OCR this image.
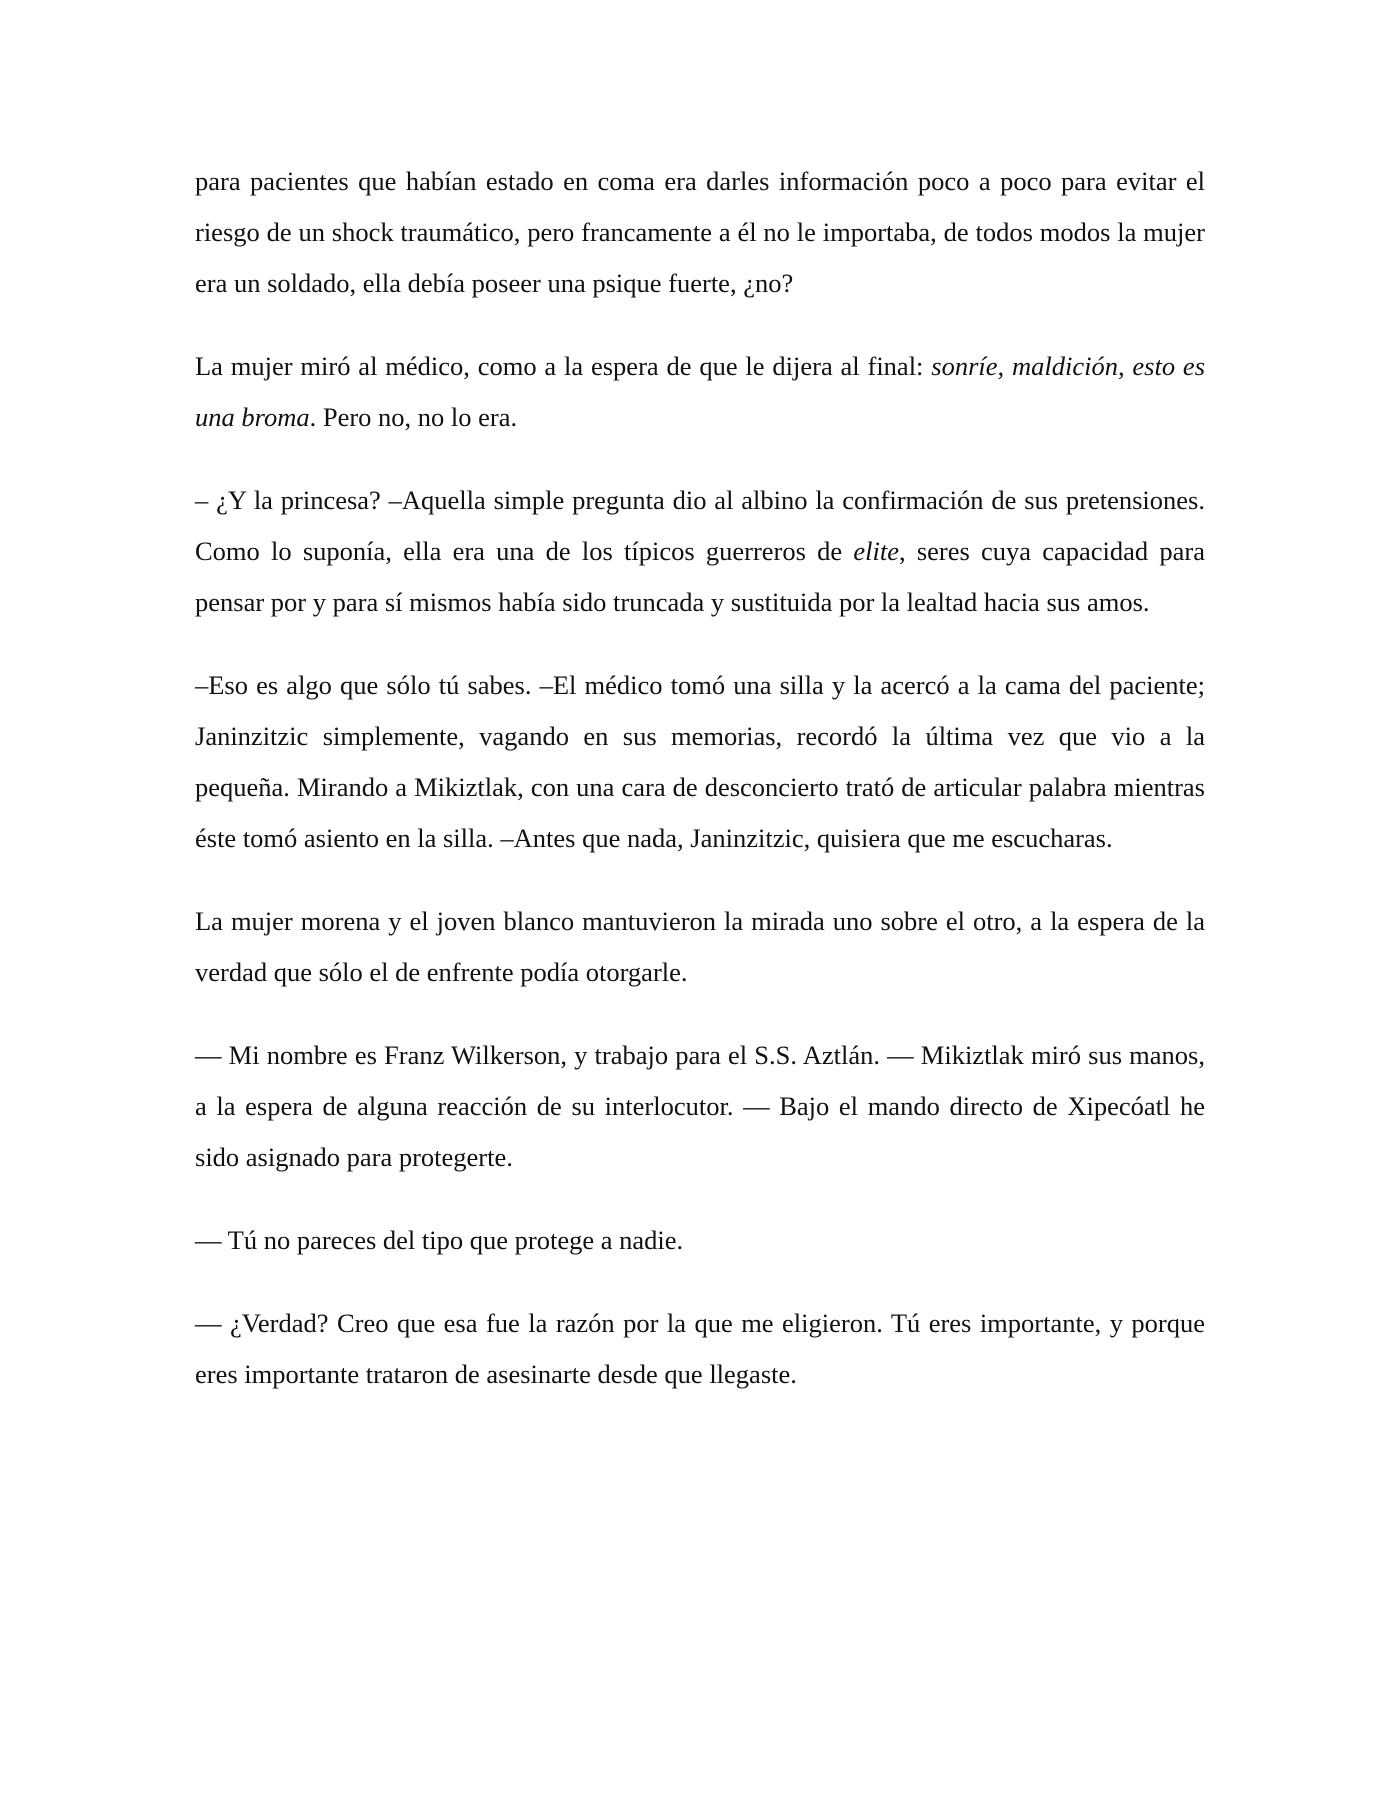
para pacientes que habían estado en coma era darles información poco a poco para evitar el riesgo de un shock traumático, pero francamente a él no le importaba, de todos modos la mujer era un soldado, ella debía poseer una psique fuerte, ¿no?

La mujer miró al médico, como a la espera de que le dijera al final: sonríe, maldición, esto es una broma. Pero no, no lo era.

– ¿Y la princesa? –Aquella simple pregunta dio al albino la confirmación de sus pretensiones. Como lo suponía, ella era una de los típicos guerreros de elite, seres cuya capacidad para pensar por y para sí mismos había sido truncada y sustituida por la lealtad hacia sus amos.

–Eso es algo que sólo tú sabes. –El médico tomó una silla y la acercó a la cama del paciente; Janinzitzic simplemente, vagando en sus memorias, recordó la última vez que vio a la pequeña. Mirando a Mikiztlak, con una cara de desconcierto trató de articular palabra mientras éste tomó asiento en la silla. –Antes que nada, Janinzitzic, quisiera que me escucharas.

La mujer morena y el joven blanco mantuvieron la mirada uno sobre el otro, a la espera de la verdad que sólo el de enfrente podía otorgarle.

— Mi nombre es Franz Wilkerson, y trabajo para el S.S. Aztlán. — Mikiztlak miró sus manos, a la espera de alguna reacción de su interlocutor. — Bajo el mando directo de Xipecóatl he sido asignado para protegerte.

— Tú no pareces del tipo que protege a nadie.

— ¿Verdad? Creo que esa fue la razón por la que me eligieron. Tú eres importante, y porque eres importante trataron de asesinarte desde que llegaste.
